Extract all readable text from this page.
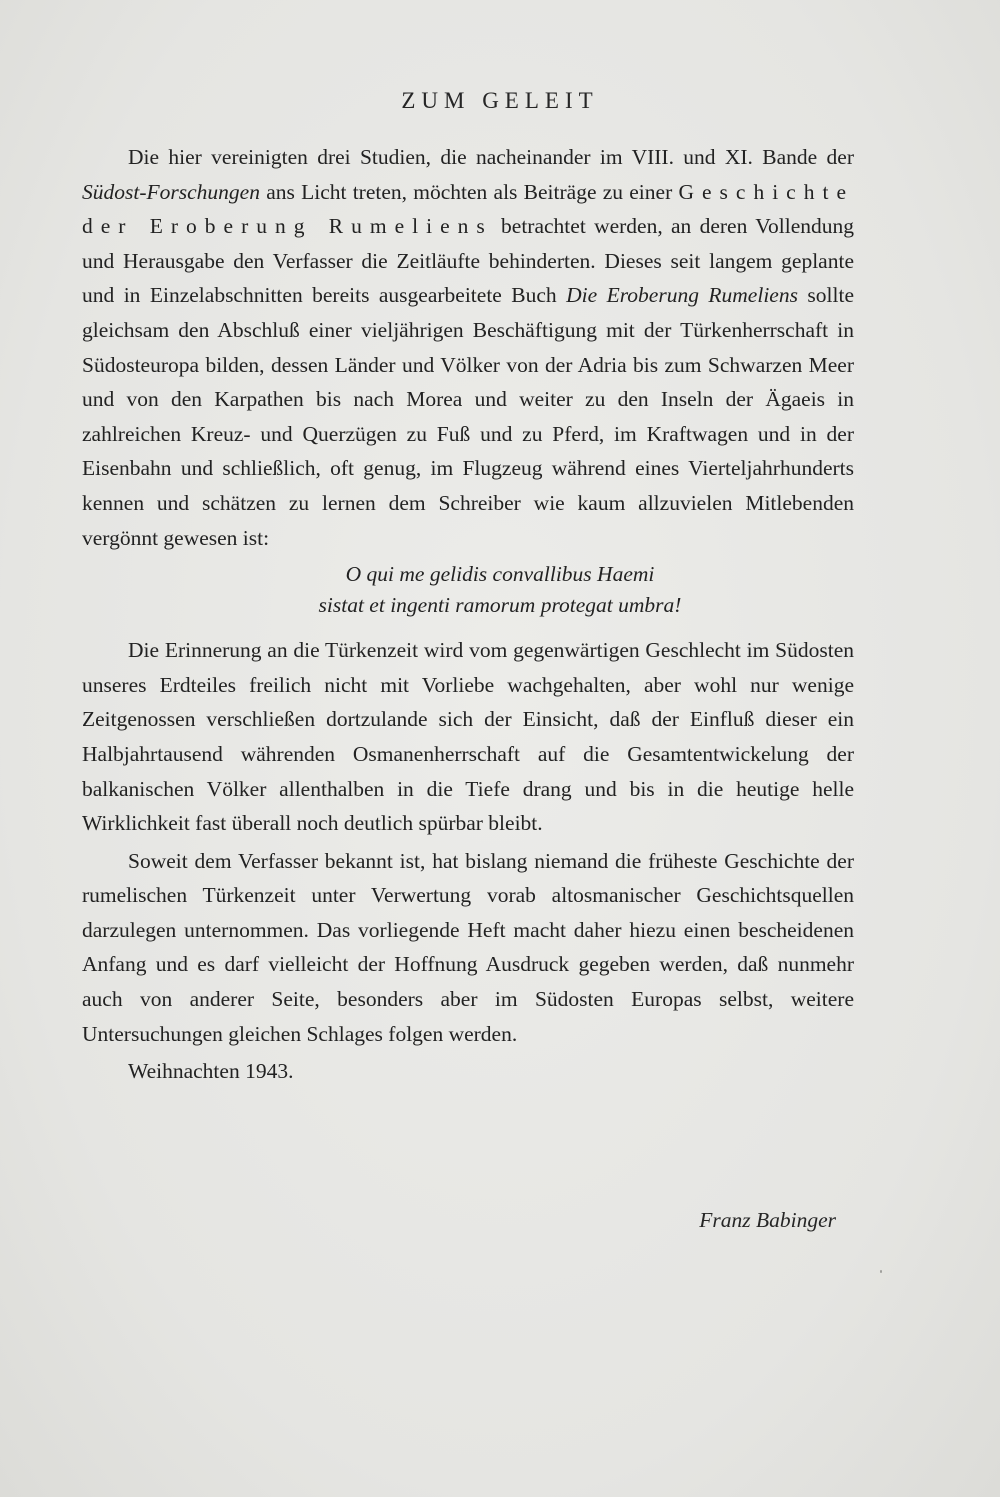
ZUM GELEIT

Die hier vereinigten drei Studien, die nacheinander im VIII. und XI. Bande der Südost-Forschungen ans Licht treten, möchten als Beiträge zu einer Geschichte der Eroberung Rumeliens betrachtet werden, an deren Vollendung und Herausgabe den Verfasser die Zeitläufte behinderten. Dieses seit langem geplante und in Einzelabschnitten bereits ausgearbeitete Buch Die Eroberung Rumeliens sollte gleichsam den Abschluß einer vieljährigen Beschäftigung mit der Türkenherrschaft in Südosteuropa bilden, dessen Länder und Völker von der Adria bis zum Schwarzen Meer und von den Karpathen bis nach Morea und weiter zu den Inseln der Ägaeis in zahlreichen Kreuz- und Querzügen zu Fuß und zu Pferd, im Kraftwagen und in der Eisenbahn und schließlich, oft genug, im Flugzeug während eines Vierteljahrhunderts kennen und schätzen zu lernen dem Schreiber wie kaum allzuvielen Mitlebenden vergönnt gewesen ist:

O qui me gelidis convallibus Haemi
sistat et ingenti ramorum protegat umbra!

Die Erinnerung an die Türkenzeit wird vom gegenwärtigen Geschlecht im Südosten unseres Erdteiles freilich nicht mit Vorliebe wachgehalten, aber wohl nur wenige Zeitgenossen verschließen dortzulande sich der Einsicht, daß der Einfluß dieser ein Halbjahrtausend währenden Osmanenherrschaft auf die Gesamtentwickelung der balkanischen Völker allenthalben in die Tiefe drang und bis in die heutige helle Wirklichkeit fast überall noch deutlich spürbar bleibt.

Soweit dem Verfasser bekannt ist, hat bislang niemand die früheste Geschichte der rumelischen Türkenzeit unter Verwertung vorab altosmanischer Geschichtsquellen darzulegen unternommen. Das vorliegende Heft macht daher hiezu einen bescheidenen Anfang und es darf vielleicht der Hoffnung Ausdruck gegeben werden, daß nunmehr auch von anderer Seite, besonders aber im Südosten Europas selbst, weitere Untersuchungen gleichen Schlages folgen werden.

Weihnachten 1943.

Franz Babinger
